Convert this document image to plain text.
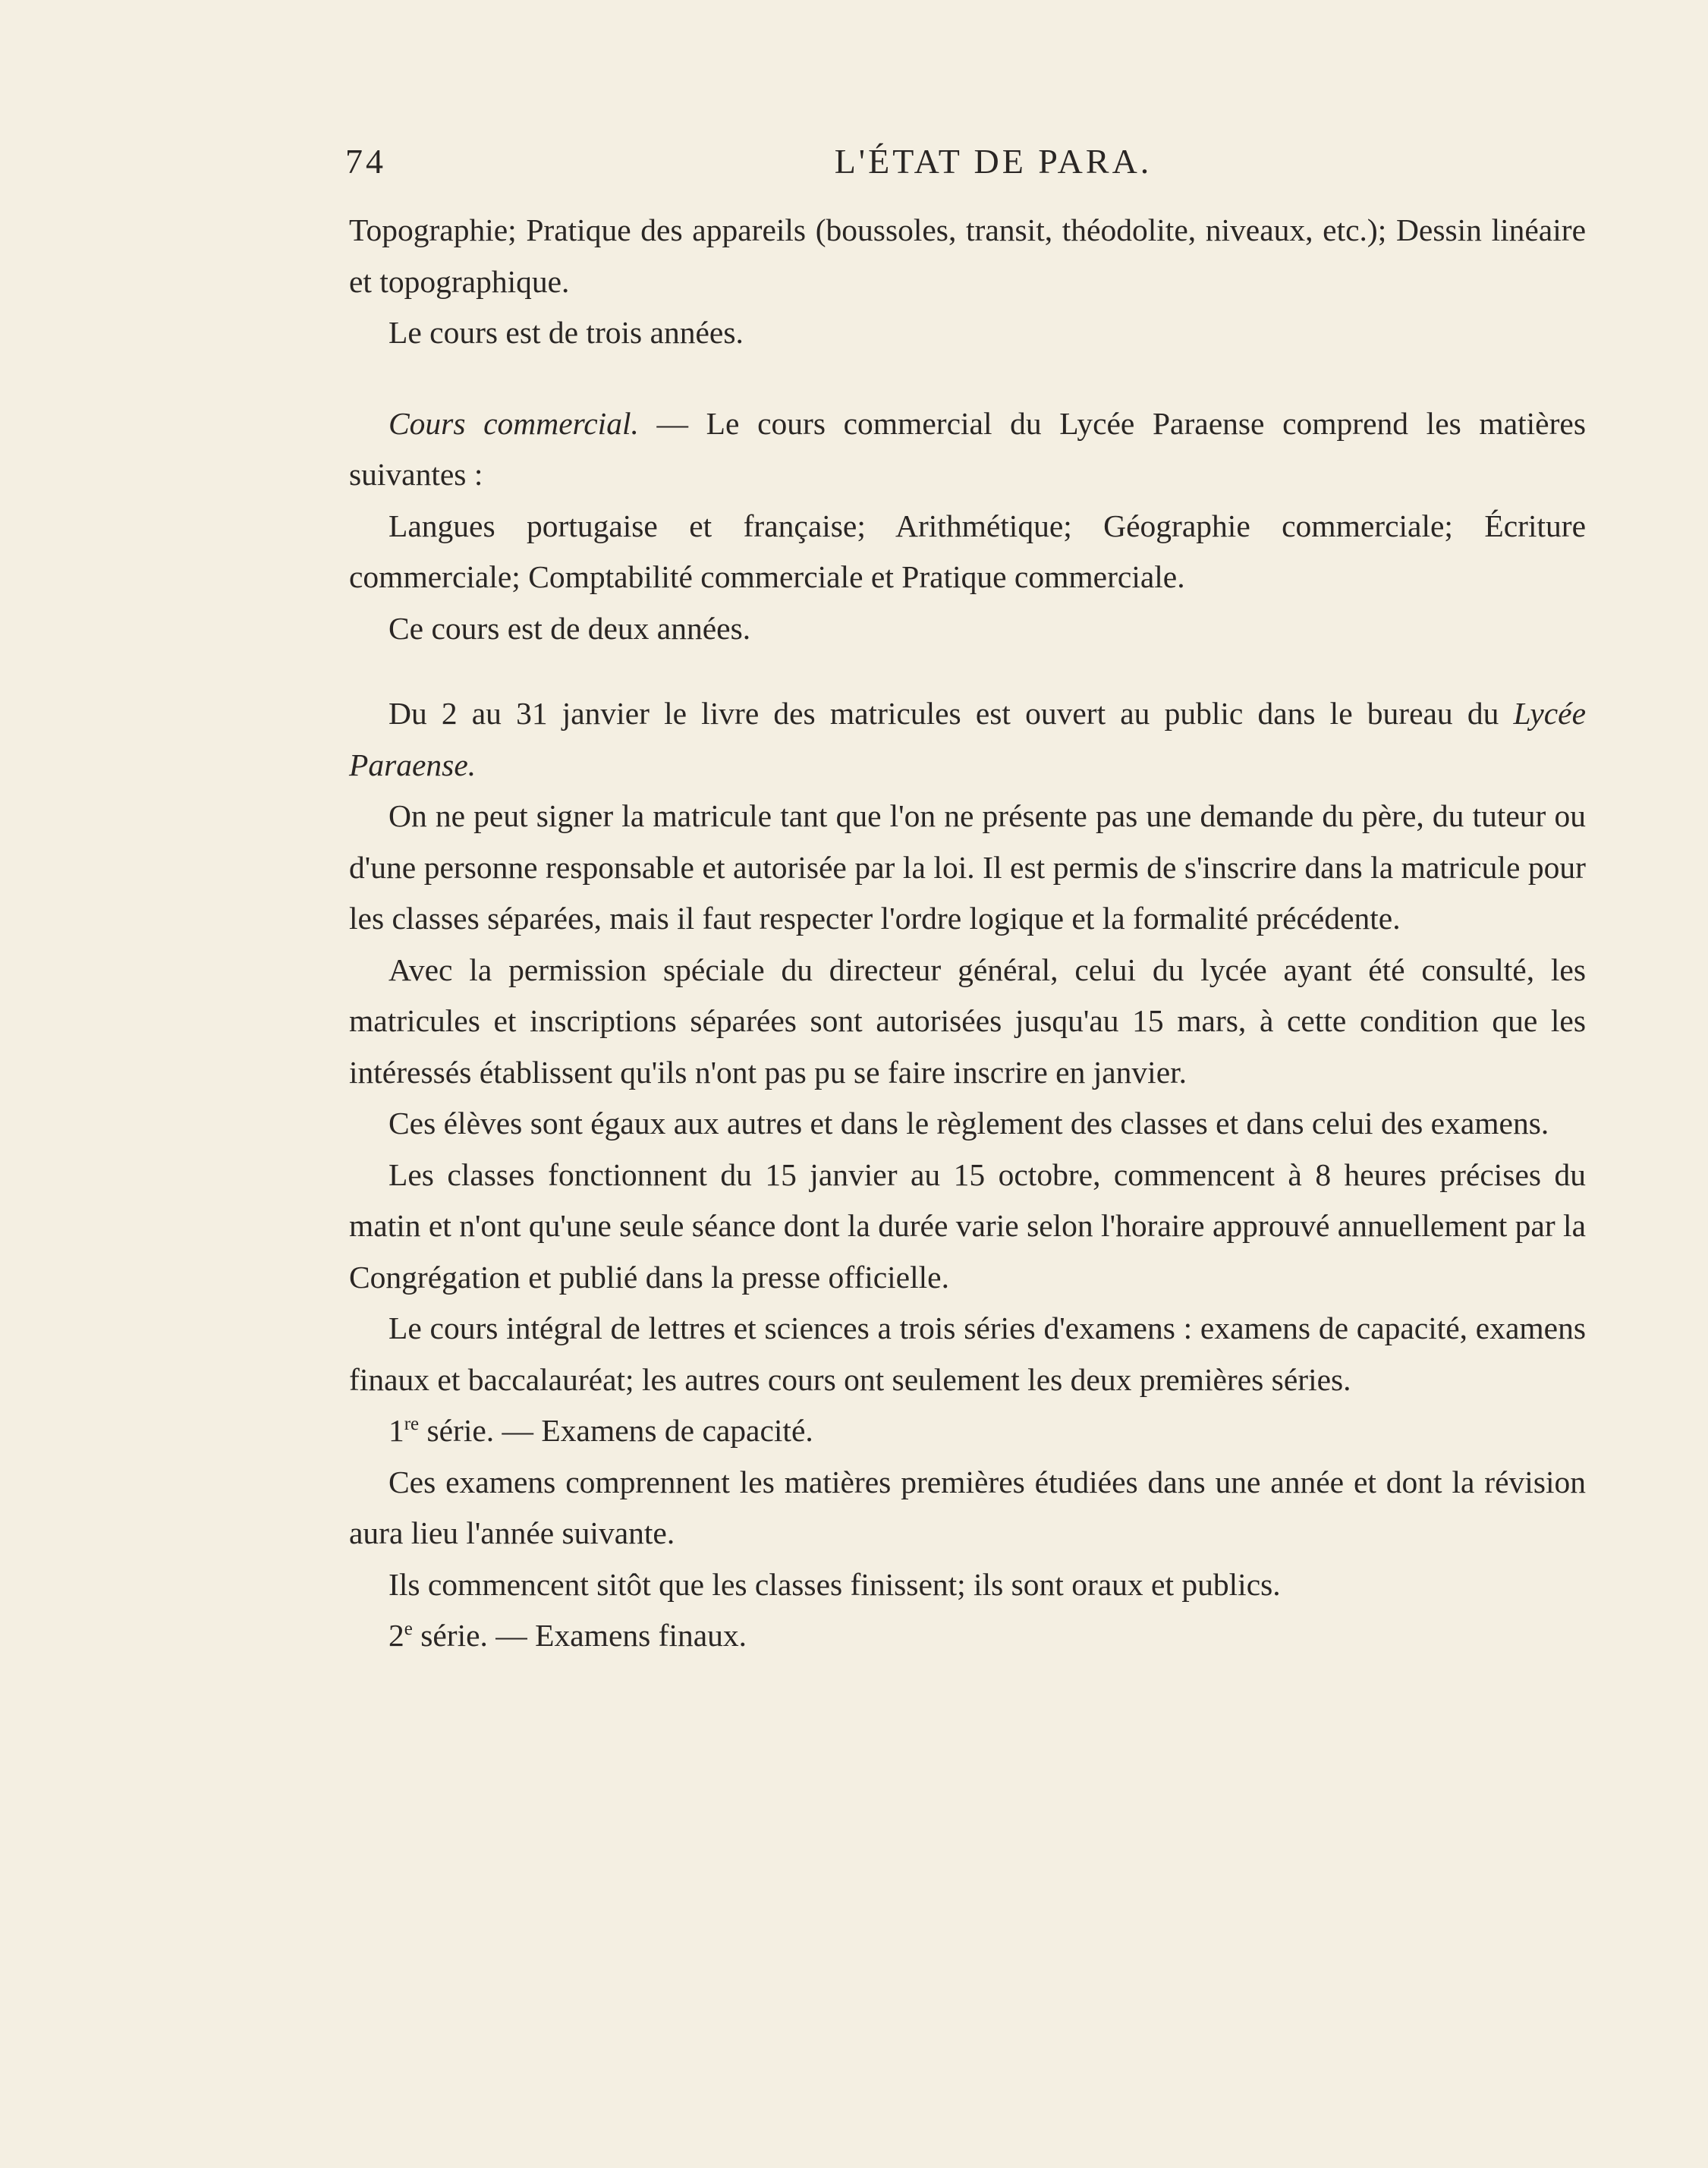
74	L'ÉTAT DE PARA.

Topographie; Pratique des appareils (boussoles, transit, théodolite, niveaux, etc.); Dessin linéaire et topographique.

Le cours est de trois années.

Cours commercial. — Le cours commercial du Lycée Paraense comprend les matières suivantes :

Langues portugaise et française; Arithmétique; Géographie commerciale; Écriture commerciale; Comptabilité commerciale et Pratique commerciale.

Ce cours est de deux années.

Du 2 au 31 janvier le livre des matricules est ouvert au public dans le bureau du Lycée Paraense.

On ne peut signer la matricule tant que l'on ne présente pas une demande du père, du tuteur ou d'une personne responsable et autorisée par la loi. Il est permis de s'inscrire dans la matricule pour les classes séparées, mais il faut respecter l'ordre logique et la formalité précédente.

Avec la permission spéciale du directeur général, celui du lycée ayant été consulté, les matricules et inscriptions séparées sont autorisées jusqu'au 15 mars, à cette condition que les intéressés établissent qu'ils n'ont pas pu se faire inscrire en janvier.

Ces élèves sont égaux aux autres et dans le règlement des classes et dans celui des examens.

Les classes fonctionnent du 15 janvier au 15 octobre, commencent à 8 heures précises du matin et n'ont qu'une seule séance dont la durée varie selon l'horaire approuvé annuellement par la Congrégation et publié dans la presse officielle.

Le cours intégral de lettres et sciences a trois séries d'examens : examens de capacité, examens finaux et baccalauréat; les autres cours ont seulement les deux premières séries.

1re série. — Examens de capacité.

Ces examens comprennent les matières premières étudiées dans une année et dont la révision aura lieu l'année suivante.

Ils commencent sitôt que les classes finissent; ils sont oraux et publics.

2e série. — Examens finaux.
